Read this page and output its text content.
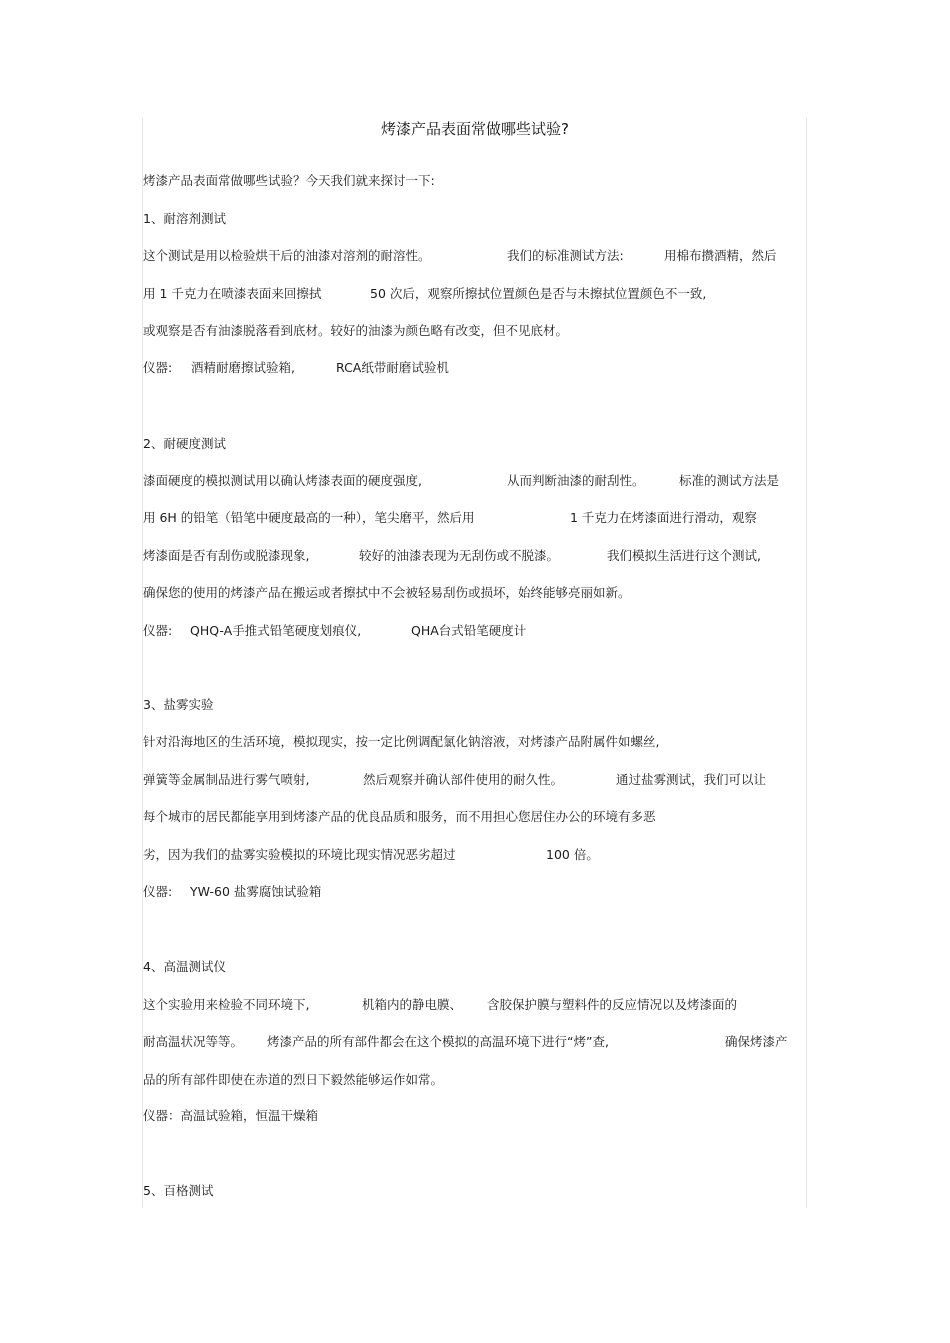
烤漆产品表面常做哪些试验?
烤漆产品表面常做哪些试验？今天我们就来探讨一下:
1、耐溶剂测试
这个测试是用以检验烘干后的油漆对溶剂的耐溶性。	我们的标准测试方法:	用棉布攒酒精，然后
用 1 千克力在喷漆表面来回擦拭	50 次后，观察所擦拭位置颜色是否与未擦拭位置颜色不一致,
或观察是否有油漆脱落看到底材。较好的油漆为颜色略有改变，但不见底材。
仪器: 酒精耐磨擦试验箱,	RCA纸带耐磨试验机
2、耐硬度测试
漆面硬度的模拟测试用以确认烤漆表面的硬度强度,	从而判断油漆的耐刮性。	标准的测试方法是
用 6H 的铅笔（铅笔中硬度最高的一种），笔尖磨平，然后用	1 千克力在烤漆面进行滑动，观察
烤漆面是否有刮伤或脱漆现象,	较好的油漆表现为无刮伤或不脱漆。	我们模拟生活进行这个测试,
确保您的使用的烤漆产品在搬运或者擦拭中不会被轻易刮伤或损坏，始终能够亮丽如新。
仪器: QHQ-A手推式铅笔硬度划痕仪,	QHA台式铅笔硬度计
3、盐雾实验
针对沿海地区的生活环境，模拟现实，按一定比例调配氯化钠溶液，对烤漆产品附属件如螺丝,
弹簧等金属制品进行雾气喷射,	然后观察并确认部件使用的耐久性。	通过盐雾测试，我们可以让
每个城市的居民都能享用到烤漆产品的优良品质和服务，而不用担心您居住办公的环境有多恶
劣，因为我们的盐雾实验模拟的环境比现实情况恶劣超过	100 倍。
仪器: YW-60 盐雾腐蚀试验箱
4、高温测试仪
这个实验用来检验不同环境下,	机箱内的静电膜、 含胶保护膜与塑料件的反应情况以及烤漆面的
耐高温状况等等。 烤漆产品的所有部件都会在这个模拟的高温环境下进行“烤”查,	确保烤漆产
品的所有部件即使在赤道的烈日下毅然能够运作如常。
仪器：高温试验箱，恒温干燥箱
5、百格测试
